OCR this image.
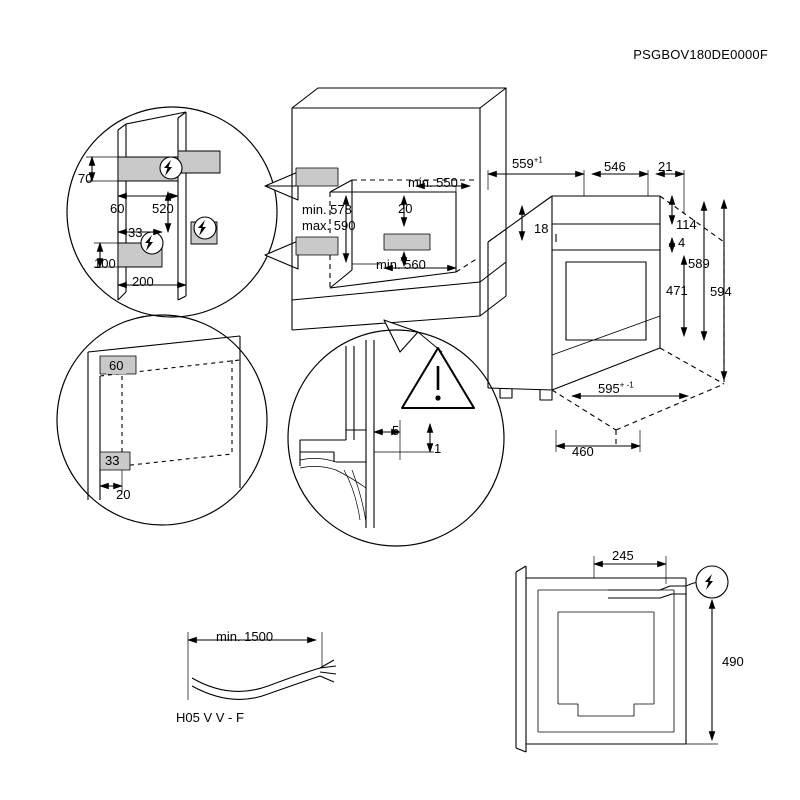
PSGBOV180DE0000F
70
60 520
33
100
200
min. 578
max. 590
min. 550
20
min. 560
$559^{+1}$	546 21
18	114
4
589
594
471
$595^{+ -1}$
460
60
33
20
5
1
min. 1500
H05 V V - F
245
490
